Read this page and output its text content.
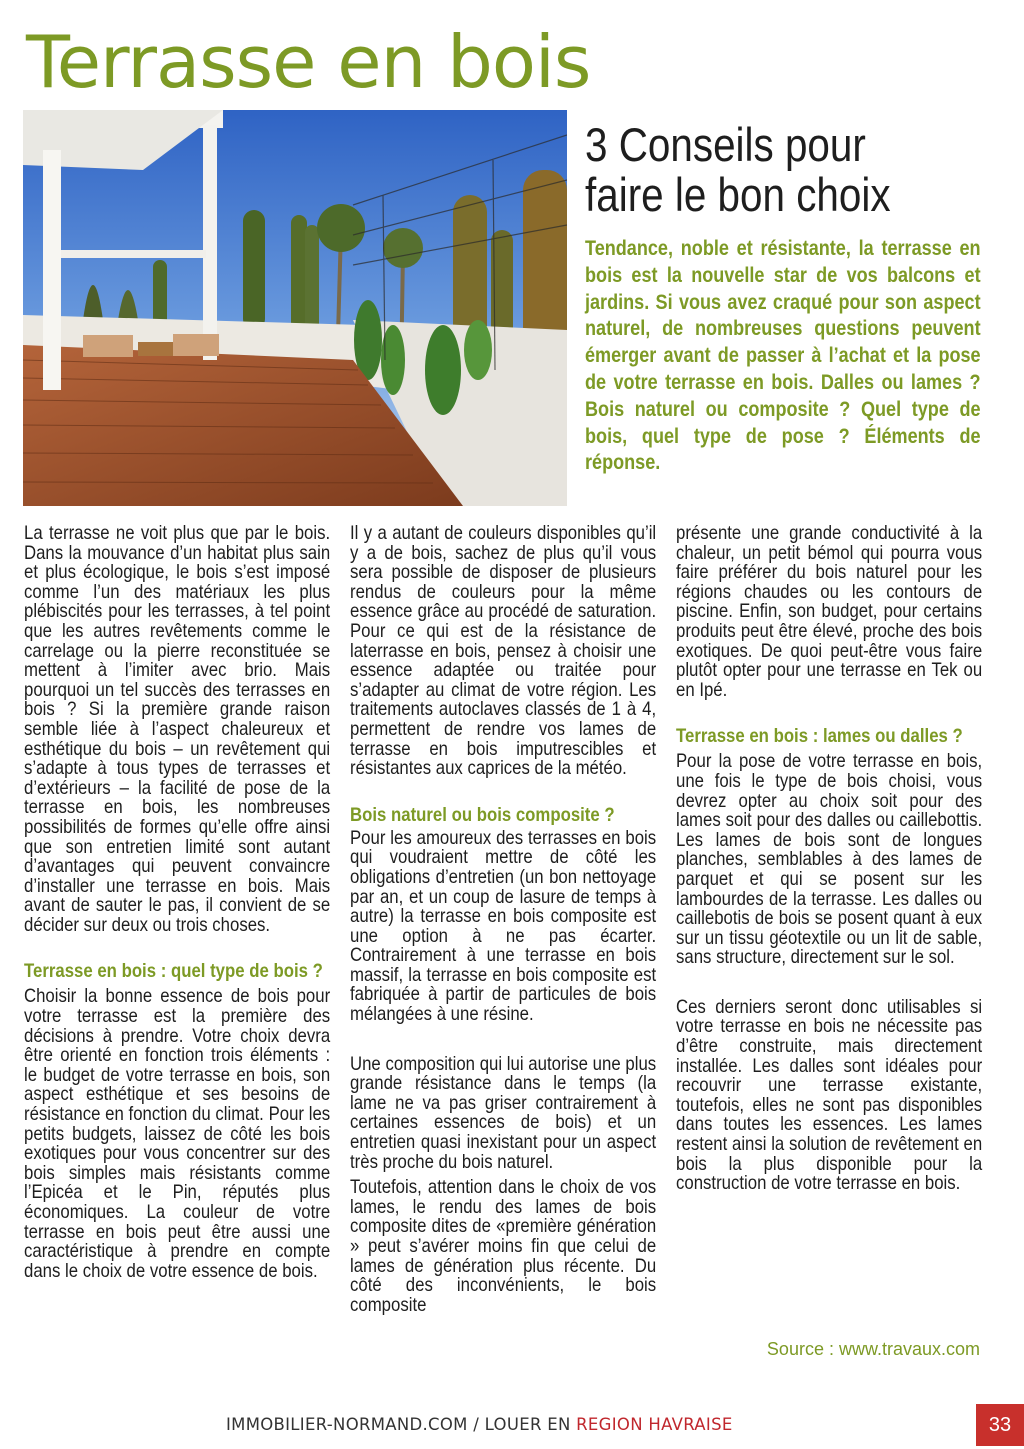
Terrasse en bois
3 Conseils pour faire le bon choix

Tendance, noble et résistante, la terrasse en bois est la nouvelle star de vos balcons et jardins. Si vous avez craqué pour son aspect naturel, de nombreuses questions peuvent émerger avant de passer à l’achat et la pose de votre terrasse en bois. Dalles ou lames ? Bois naturel ou composite ? Quel type de bois, quel type de pose ? Éléments de réponse.

La terrasse ne voit plus que par le bois. Dans la mouvance d’un habitat plus sain et plus écologique, le bois s’est imposé comme l’un des matériaux les plus plébiscités pour les terrasses, à tel point que les autres revêtements comme le carrelage ou la pierre reconstituée se mettent à l’imiter avec brio. Mais pourquoi un tel succès des terrasses en bois ? Si la première grande raison semble liée à l’aspect chaleureux et esthétique du bois – un revêtement qui s’adapte à tous types de terrasses et d’extérieurs – la facilité de pose de la terrasse en bois, les nombreuses possibilités de formes qu’elle offre ainsi que son entretien limité sont autant d’avantages qui peuvent convaincre d’installer une terrasse en bois. Mais avant de sauter le pas, il convient de se décider sur deux ou trois choses.

Terrasse en bois : quel type de bois ?

Choisir la bonne essence de bois pour votre terrasse est la première des décisions à prendre. Votre choix devra être orienté en fonction trois éléments : le budget de votre terrasse en bois, son aspect esthétique et ses besoins de résistance en fonction du climat. Pour les petits budgets, laissez de côté les bois exotiques pour vous concentrer sur des bois simples mais résistants comme l’Epicéa et le Pin, réputés plus économiques. La couleur de votre terrasse en bois peut être aussi une caractéristique à prendre en compte dans le choix de votre essence de bois.

Il y a autant de couleurs disponibles qu’il y a de bois, sachez de plus qu’il vous sera possible de disposer de plusieurs rendus de couleurs pour la même essence grâce au procédé de saturation. Pour ce qui est de la résistance de laterrasse en bois, pensez à choisir une essence adaptée ou traitée pour s’adapter au climat de votre région. Les traitements autoclaves classés de 1 à 4, permettent de rendre vos lames de terrasse en bois imputrescibles et résistantes aux caprices de la météo.

Bois naturel ou bois composite ?

Pour les amoureux des terrasses en bois qui voudraient mettre de côté les obligations d’entretien (un bon nettoyage par an, et un coup de lasure de temps à autre) la terrasse en bois composite est une option à ne pas écarter. Contrairement à une terrasse en bois massif, la terrasse en bois composite est fabriquée à partir de particules de bois mélangées à une résine.

Une composition qui lui autorise une plus grande résistance dans le temps (la lame ne va pas griser contrairement à certaines essences de bois) et un entretien quasi inexistant pour un aspect très proche du bois naturel.

Toutefois, attention dans le choix de vos lames, le rendu des lames de bois composite dites de «première génération » peut s’avérer moins fin que celui de lames de génération plus récente. Du côté des inconvénients, le bois composite

présente une grande conductivité à la chaleur, un petit bémol qui pourra vous faire préférer du bois naturel pour les régions chaudes ou les contours de piscine. Enfin, son budget, pour certains produits peut être élevé, proche des bois exotiques. De quoi peut-être vous faire plutôt opter pour une terrasse en Tek ou en Ipé.

Terrasse en bois : lames ou dalles ?

Pour la pose de votre terrasse en bois, une fois le type de bois choisi, vous devrez opter au choix soit pour des lames soit pour des dalles ou caillebottis. Les lames de bois sont de longues planches, semblables à des lames de parquet et qui se posent sur les lambourdes de la terrasse. Les dalles ou caillebotis de bois se posent quant à eux sur un tissu géotextile ou un lit de sable, sans structure, directement sur le sol.

Ces derniers seront donc utilisables si votre terrasse en bois ne nécessite pas d’être construite, mais directement installée. Les dalles sont idéales pour recouvrir une terrasse existante, toutefois, elles ne sont pas disponibles dans toutes les essences. Les lames restent ainsi la solution de revêtement en bois la plus disponible pour la construction de votre terrasse en bois.

Source : www.travaux.com
IMMOBILIER-NORMAND.COM / LOUER EN REGION HAVRAISE	33
